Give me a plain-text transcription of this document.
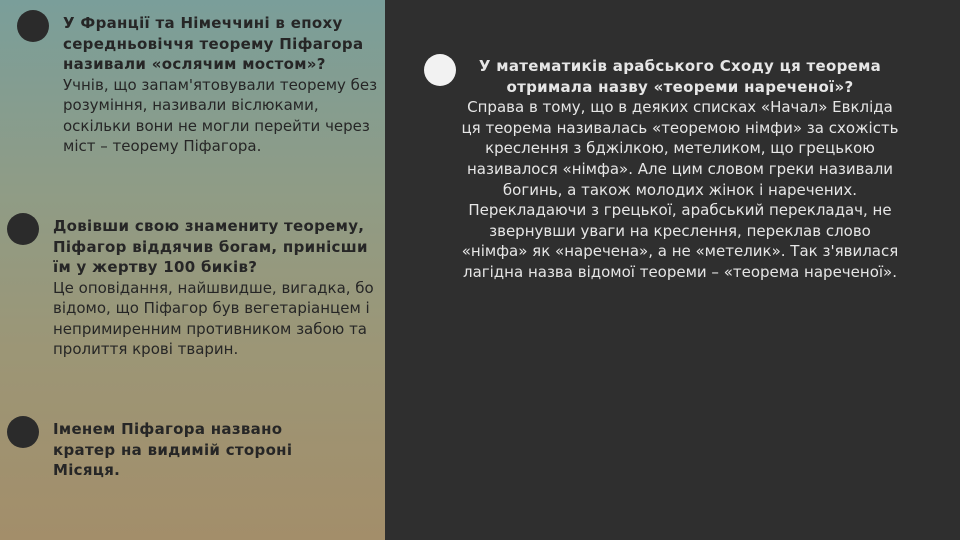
У Франції та Німеччині в епоху середньовіччя теорему Піфагора називали «ослячим мостом»?
Учнів, що запам'ятовували теорему без розуміння, називали віслюками, оскільки вони не могли перейти через міст – теорему Піфагора.
Довівши свою знамениту теорему, Піфагор віддячив богам, принісши їм у жертву 100 биків?
Це оповідання, найшвидше, вигадка, бо відомо, що Піфагор був вегетаріанцем і непримиренним противником забою та пролиття крові тварин.
Іменем Піфагора названо кратер на видимій стороні Місяця.
У математиків арабського Сходу ця теорема отримала назву «теореми нареченої»?
Справа в тому, що в деяких списках «Начал» Евкліда ця теорема називалась «теоремою німфи» за схожість креслення з бджілкою, метеликом, що грецькою називалося «німфа». Але цим словом греки називали богинь, а також молодих жінок і наречених. Перекладаючи з грецької, арабський перекладач, не звернувши уваги на креслення, переклав слово «німфа» як «наречена», а не «метелик». Так з'явилася лагідна назва відомої теореми – «теорема нареченої».
